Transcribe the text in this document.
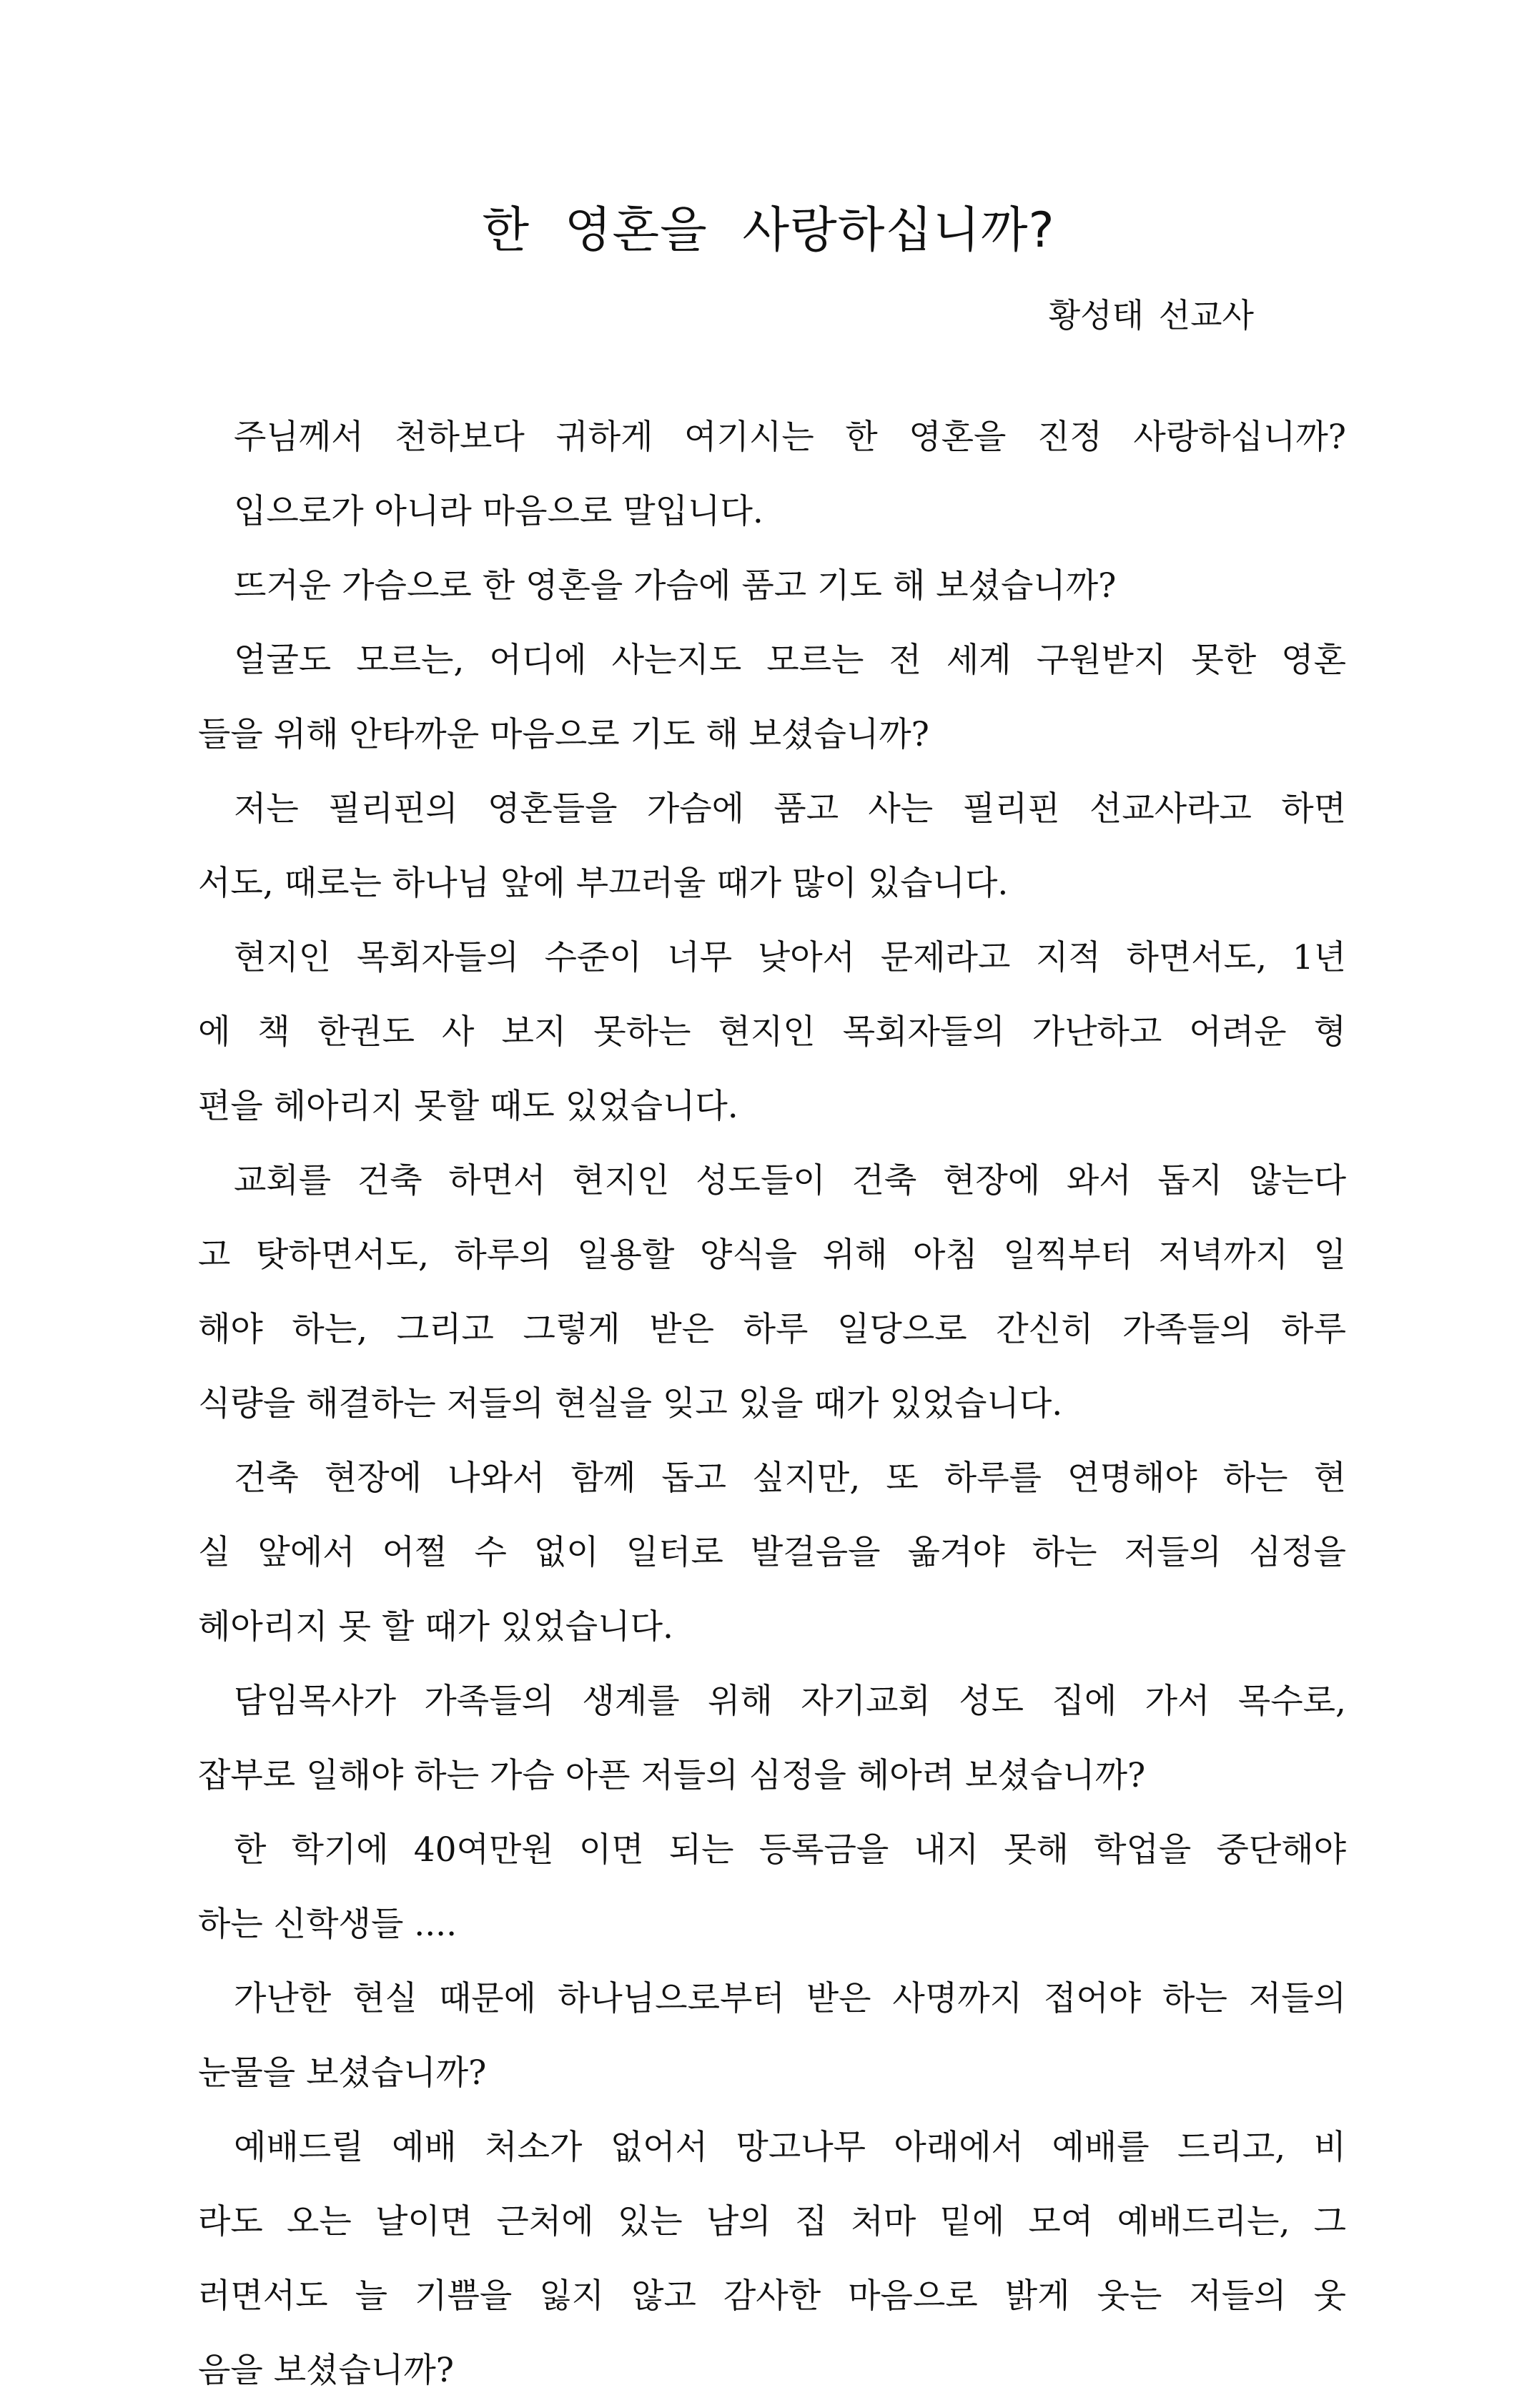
한 영혼을 사랑하십니까?

황성태 선교사

주님께서 천하보다 귀하게 여기시는 한 영혼을 진정 사랑하십니까?

입으로가 아니라 마음으로 말입니다.

뜨거운 가슴으로 한 영혼을 가슴에 품고 기도 해 보셨습니까?

얼굴도 모르는, 어디에 사는지도 모르는 전 세계 구원받지 못한 영혼

들을 위해 안타까운 마음으로 기도 해 보셨습니까?

저는 필리핀의 영혼들을 가슴에 품고 사는 필리핀 선교사라고 하면

서도, 때로는 하나님 앞에 부끄러울 때가 많이 있습니다.

현지인 목회자들의 수준이 너무 낮아서 문제라고 지적 하면서도, 1년

에 책 한권도 사 보지 못하는 현지인 목회자들의 가난하고 어려운 형

편을 헤아리지 못할 때도 있었습니다.

교회를 건축 하면서 현지인 성도들이 건축 현장에 와서 돕지 않는다

고 탓하면서도, 하루의 일용할 양식을 위해 아침 일찍부터 저녁까지 일

해야 하는, 그리고 그렇게 받은 하루 일당으로 간신히 가족들의 하루

식량을 해결하는 저들의 현실을 잊고 있을 때가 있었습니다.

건축 현장에 나와서 함께 돕고 싶지만, 또 하루를 연명해야 하는 현

실 앞에서 어쩔 수 없이 일터로 발걸음을 옮겨야 하는 저들의 심정을

헤아리지 못 할 때가 있었습니다.

담임목사가 가족들의 생계를 위해 자기교회 성도 집에 가서 목수로,

잡부로 일해야 하는 가슴 아픈 저들의 심정을 헤아려 보셨습니까?

한 학기에 40여만원 이면 되는 등록금을 내지 못해 학업을 중단해야

하는 신학생들 ....

가난한 현실 때문에 하나님으로부터 받은 사명까지 접어야 하는 저들의

눈물을 보셨습니까?

예배드릴 예배 처소가 없어서 망고나무 아래에서 예배를 드리고, 비

라도 오는 날이면 근처에 있는 남의 집 처마 밑에 모여 예배드리는, 그

러면서도 늘 기쁨을 잃지 않고 감사한 마음으로 밝게 웃는 저들의 웃

음을 보셨습니까?
